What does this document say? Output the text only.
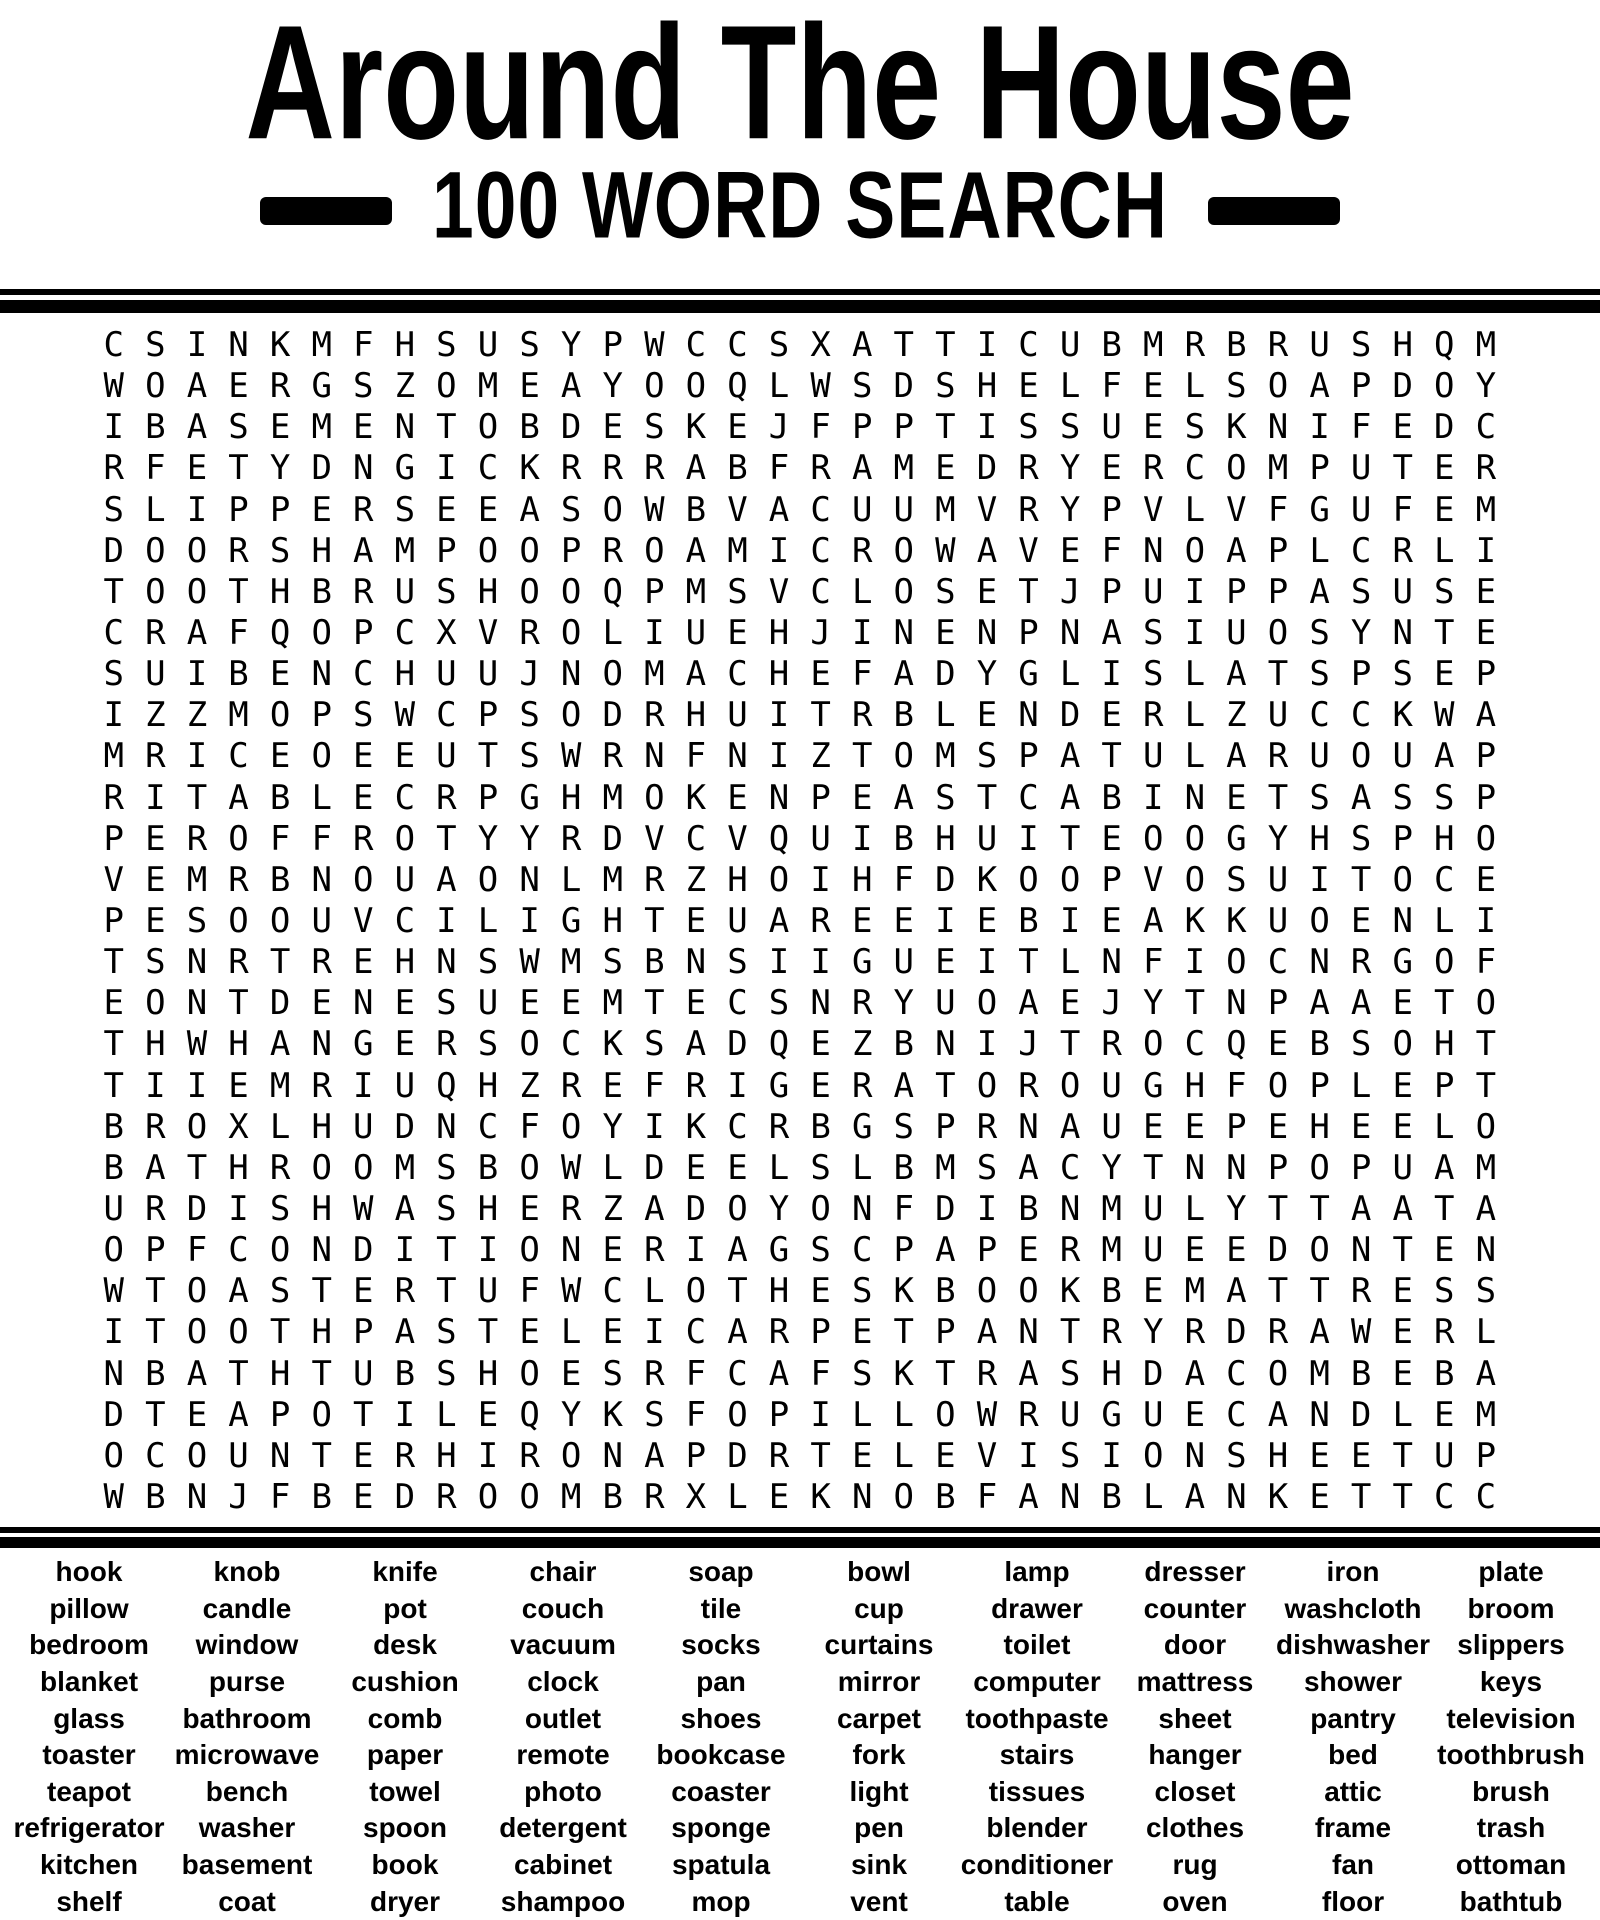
Around The House
100 WORD SEARCH
C S I N K M F H S U S Y P W C C S X A T T I C U B M R B R U S H Q M
W O A E R G S Z O M E A Y O O Q L W S D S H E L F E L S O A P D O Y
I B A S E M E N T O B D E S K E J F P P T I S S U E S K N I F E D C
R F E T Y D N G I C K R R R A B F R A M E D R Y E R C O M P U T E R
S L I P P E R S E E A S O W B V A C U U M V R Y P V L V F G U F E M
D O O R S H A M P O O P R O A M I C R O W A V E F N O A P L C R L I
T O O T H B R U S H O O Q P M S V C L O S E T J P U I P P A S U S E
C R A F Q O P C X V R O L I U E H J I N E N P N A S I U O S Y N T E
S U I B E N C H U U J N O M A C H E F A D Y G L I S L A T S P S E P
I Z Z M O P S W C P S O D R H U I T R B L E N D E R L Z U C C K W A
M R I C E O E E U T S W R N F N I Z T O M S P A T U L A R U O U A P
R I T A B L E C R P G H M O K E N P E A S T C A B I N E T S A S S P
P E R O F F R O T Y Y R D V C V Q U I B H U I T E O O G Y H S P H O
V E M R B N O U A O N L M R Z H O I H F D K O O P V O S U I T O C E
P E S O O U V C I L I G H T E U A R E E I E B I E A K K U O E N L I
T S N R T R E H N S W M S B N S I I G U E I T L N F I O C N R G O F
E O N T D E N E S U E E M T E C S N R Y U O A E J Y T N P A A E T O
T H W H A N G E R S O C K S A D Q E Z B N I J T R O C Q E B S O H T
T I I E M R I U Q H Z R E F R I G E R A T O R O U G H F O P L E P T
B R O X L H U D N C F O Y I K C R B G S P R N A U E E P E H E E L O
B A T H R O O M S B O W L D E E L S L B M S A C Y T N N P O P U A M
U R D I S H W A S H E R Z A D O Y O N F D I B N M U L Y T T A A T A
O P F C O N D I T I O N E R I A G S C P A P E R M U E E D O N T E N
W T O A S T E R T U F W C L O T H E S K B O O K B E M A T T R E S S
I T O O T H P A S T E L E I C A R P E T P A N T R Y R D R A W E R L
N B A T H T U B S H O E S R F C A F S K T R A S H D A C O M B E B A
D T E A P O T I L E Q Y K S F O P I L L O W R U G U E C A N D L E M
O C O U N T E R H I R O N A P D R T E L E V I S I O N S H E E T U P
W B N J F B E D R O O M B R X L E K N O B F A N B L A N K E T T C C
hook	knob	knife	chair	soap	bowl	lamp	dresser	iron	plate
pillow	candle	pot	couch	tile	cup	drawer counter washcloth broom
bedroom window	desk	vacuum socks curtains	toilet	door dishwasher slippers
blanket	purse cushion clock	pan	mirror computer mattress shower	keys
glass bathroom comb	outlet	shoes	carpet toothpaste sheet	pantry television
toaster microwave paper	remote bookcase fork	stairs	hanger	bed toothbrush
teapot	bench	towel	photo coaster	light	tissues closet	attic	brush
refrigerator washer spoon detergent sponge	pen	blender clothes	frame	trash
kitchen basement book	cabinet spatula	sink conditioner rug	fan	ottoman
shelf	coat	dryer shampoo mop	vent	table	oven	floor	bathtub
